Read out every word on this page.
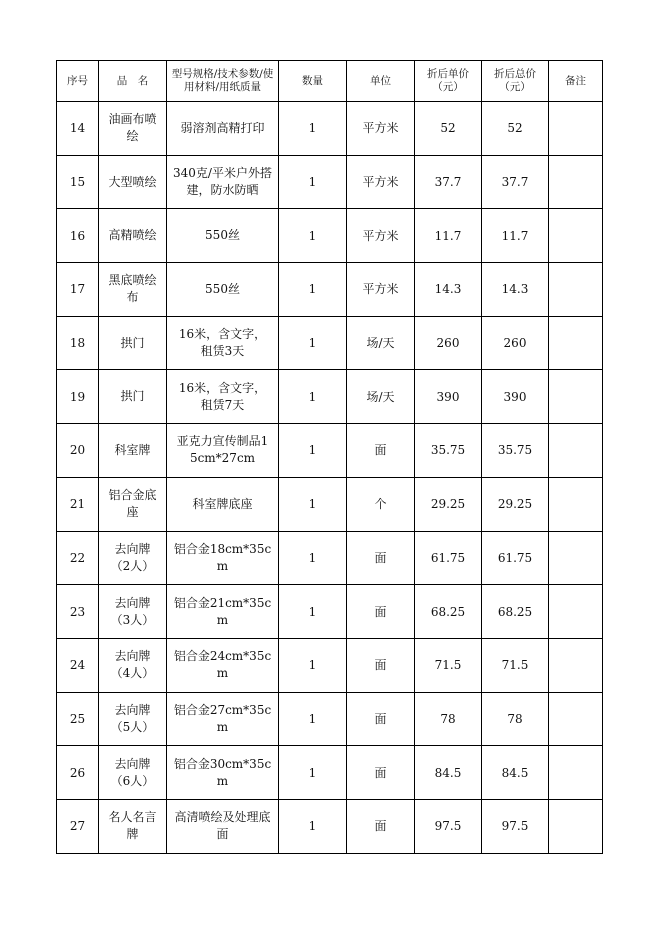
序号	品　名	型号规格/技术参数/使用材料/用纸质量	数量	单位	折后单价（元）	折后总价（元）	备注
14	油画布喷绘	弱溶剂高精打印	1	平方米	52	52	
15	大型喷绘	340克/平米户外搭建，防水防晒	1	平方米	37.7	37.7	
16	高精喷绘	550丝	1	平方米	11.7	11.7	
17	黑底喷绘布	550丝	1	平方米	14.3	14.3	
18	拱门	16米，含文字，租赁3天	1	场/天	260	260	
19	拱门	16米，含文字，租赁7天	1	场/天	390	390	
20	科室牌	亚克力宣传制品15cm*27cm	1	面	35.75	35.75	
21	铝合金底座	科室牌底座	1	个	29.25	29.25	
22	去向牌（2人）	铝合金18cm*35cm	1	面	61.75	61.75	
23	去向牌（3人）	铝合金21cm*35cm	1	面	68.25	68.25	
24	去向牌（4人）	铝合金24cm*35cm	1	面	71.5	71.5	
25	去向牌（5人）	铝合金27cm*35cm	1	面	78	78	
26	去向牌（6人）	铝合金30cm*35cm	1	面	84.5	84.5	
27	名人名言牌	高清喷绘及处理底面	1	面	97.5	97.5	
